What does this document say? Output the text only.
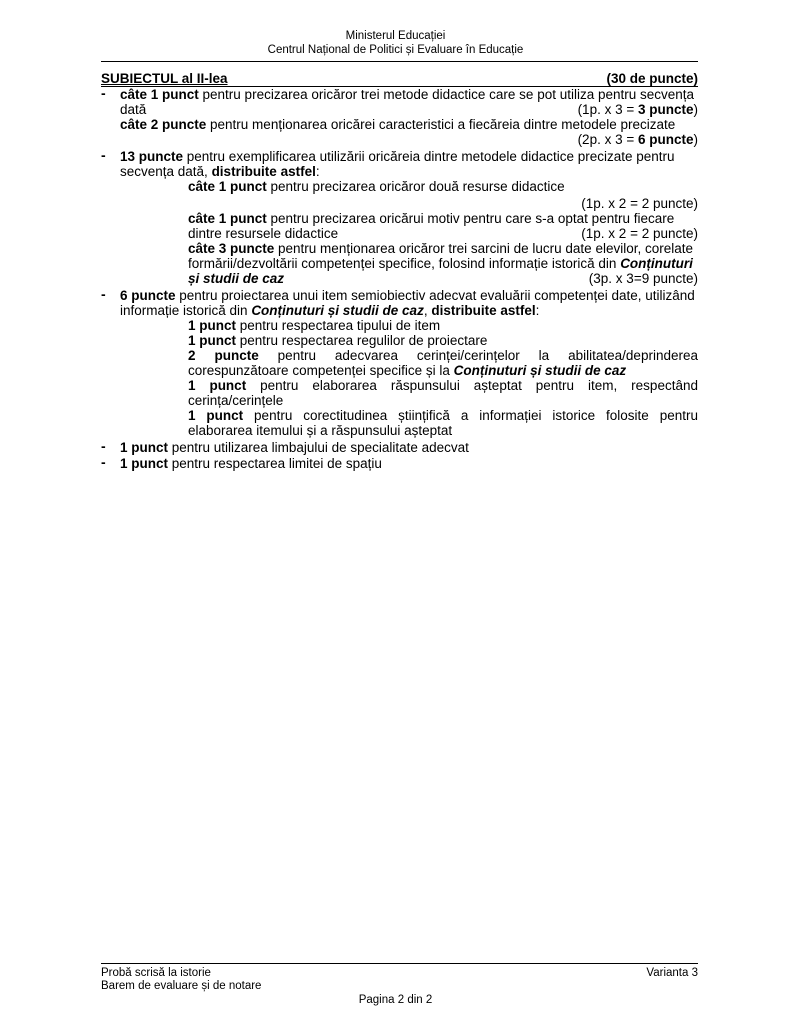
Ministerul Educației
Centrul Național de Politici și Evaluare în Educație
SUBIECTUL al II-lea	(30 de puncte)
- câte 1 punct pentru precizarea oricăror trei metode didactice care se pot utiliza pentru secvența
dată	(1p. x 3 = 3 puncte)
câte 2 puncte pentru menționarea oricărei caracteristici a fiecăreia dintre metodele precizate
(2p. x 3 = 6 puncte)
- 13 puncte pentru exemplificarea utilizării oricăreia dintre metodele didactice precizate pentru
secvența dată, distribuite astfel:
câte 1 punct pentru precizarea oricăror două resurse didactice
(1p. x 2 = 2 puncte)
câte 1 punct pentru precizarea oricărui motiv pentru care s-a optat pentru fiecare
dintre resursele didactice	(1p. x 2 = 2 puncte)
câte 3 puncte pentru menționarea oricăror trei sarcini de lucru date elevilor, corelate
formării/dezvoltării competenței specifice, folosind informație istorică din Conținuturi
și studii de caz	(3p. x 3=9 puncte)
- 6 puncte pentru proiectarea unui item semiobiectiv adecvat evaluării competenței date, utilizând
informație istorică din Conținuturi și studii de caz, distribuite astfel:
1 punct pentru respectarea tipului de item
1 punct pentru respectarea regulilor de proiectare
2 puncte pentru adecvarea cerinței/cerințelor la abilitatea/deprinderea
corespunzătoare competenței specifice și la Conținuturi și studii de caz
1 punct pentru elaborarea răspunsului așteptat pentru item, respectând
cerința/cerințele
1 punct pentru corectitudinea științifică a informației istorice folosite pentru
elaborarea itemului și a răspunsului așteptat
- 1 punct pentru utilizarea limbajului de specialitate adecvat
- 1 punct pentru respectarea limitei de spațiu
Probă scrisă la istorie	Varianta 3
Barem de evaluare și de notare
Pagina 2 din 2
